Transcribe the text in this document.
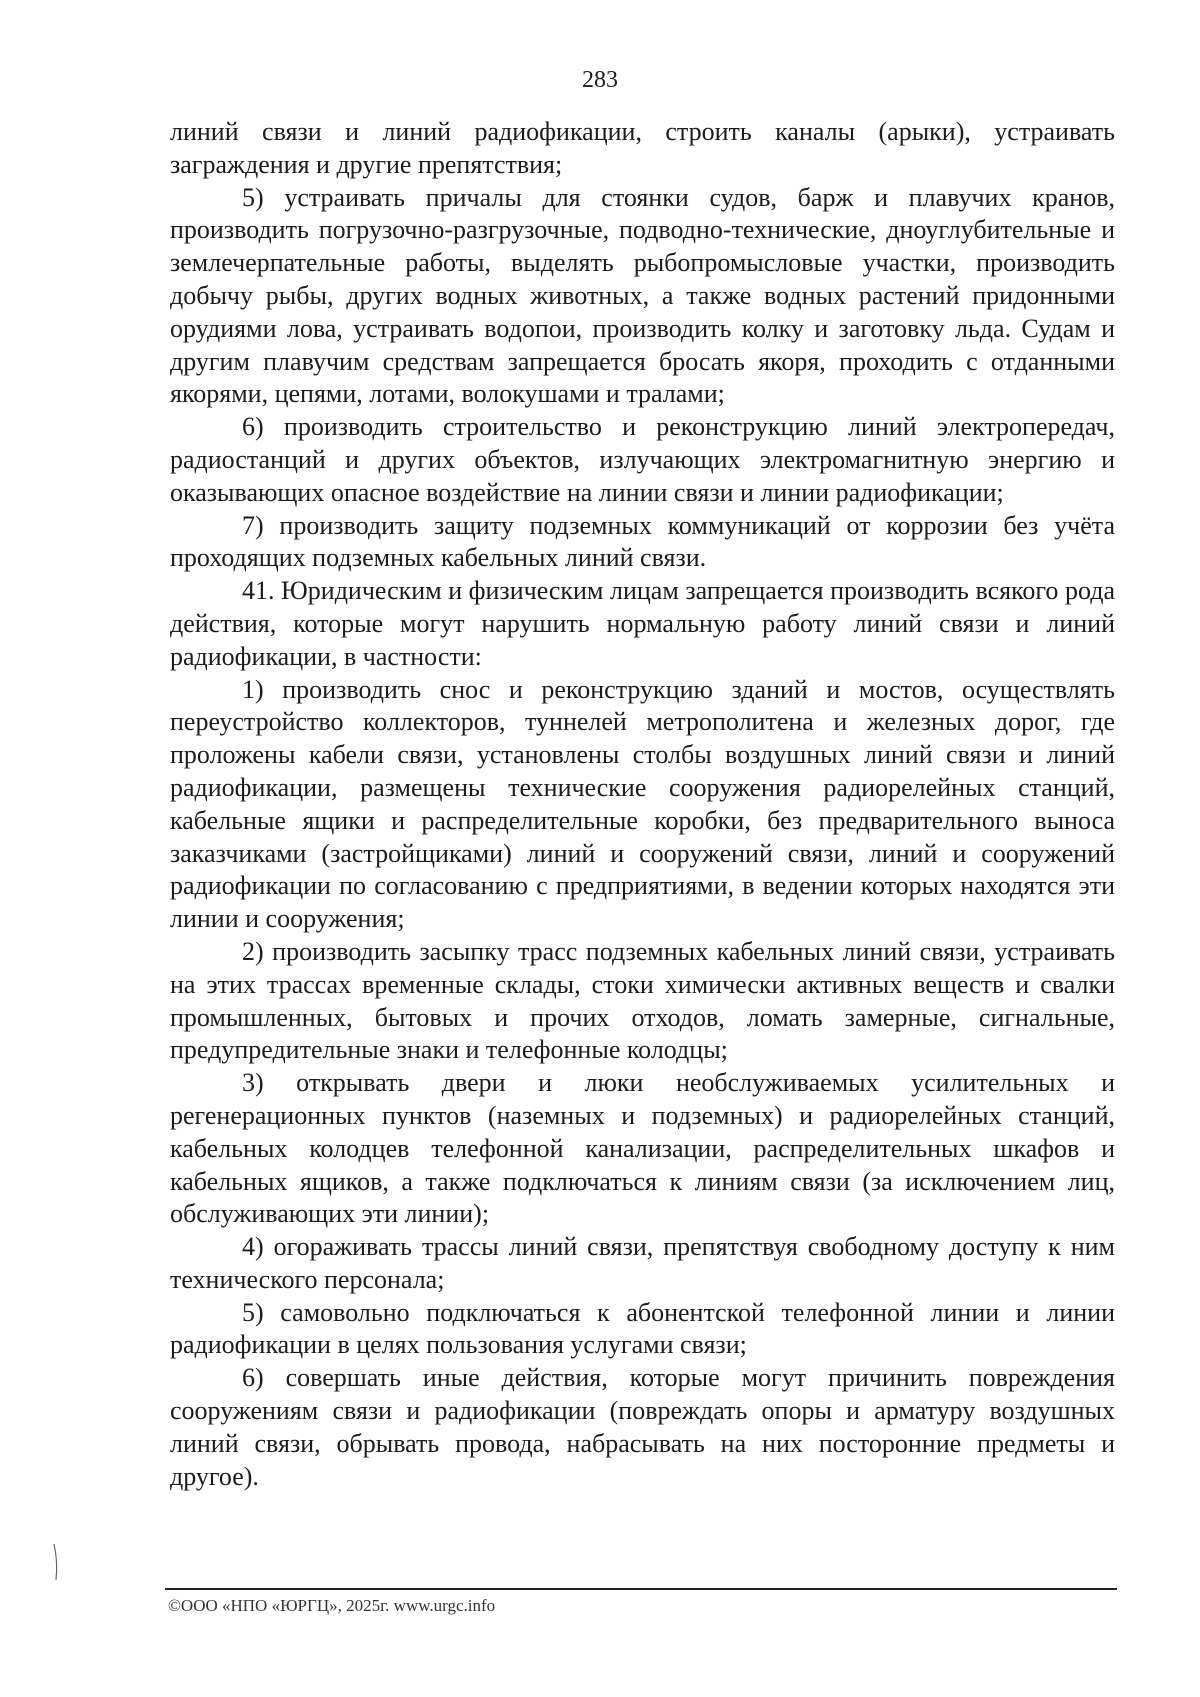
283

линий связи и линий радиофикации, строить каналы (арыки), устраивать заграждения и другие препятствия;

5) устраивать причалы для стоянки судов, барж и плавучих кранов, производить погрузочно-разгрузочные, подводно-технические, дноуглубительные и землечерпательные работы, выделять рыбопромысловые участки, производить добычу рыбы, других водных животных, а также водных растений придонными орудиями лова, устраивать водопои, производить колку и заготовку льда. Судам и другим плавучим средствам запрещается бросать якоря, проходить с отданными якорями, цепями, лотами, волокушами и тралами;

6) производить строительство и реконструкцию линий электропередач, радиостанций и других объектов, излучающих электромагнитную энергию и оказывающих опасное воздействие на линии связи и линии радиофикации;

7) производить защиту подземных коммуникаций от коррозии без учёта проходящих подземных кабельных линий связи.

41. Юридическим и физическим лицам запрещается производить всякого рода действия, которые могут нарушить нормальную работу линий связи и линий радиофикации, в частности:

1) производить снос и реконструкцию зданий и мостов, осуществлять переустройство коллекторов, туннелей метрополитена и железных дорог, где проложены кабели связи, установлены столбы воздушных линий связи и линий радиофикации, размещены технические сооружения радиорелейных станций, кабельные ящики и распределительные коробки, без предварительного выноса заказчиками (застройщиками) линий и сооружений связи, линий и сооружений радиофикации по согласованию с предприятиями, в ведении которых находятся эти линии и сооружения;

2) производить засыпку трасс подземных кабельных линий связи, устраивать на этих трассах временные склады, стоки химически активных веществ и свалки промышленных, бытовых и прочих отходов, ломать замерные, сигнальные, предупредительные знаки и телефонные колодцы;

3) открывать двери и люки необслуживаемых усилительных и регенерационных пунктов (наземных и подземных) и радиорелейных станций, кабельных колодцев телефонной канализации, распределительных шкафов и кабельных ящиков, а также подключаться к линиям связи (за исключением лиц, обслуживающих эти линии);

4) огораживать трассы линий связи, препятствуя свободному доступу к ним технического персонала;

5) самовольно подключаться к абонентской телефонной линии и линии радиофикации в целях пользования услугами связи;

6) совершать иные действия, которые могут причинить повреждения сооружениям связи и радиофикации (повреждать опоры и арматуру воздушных линий связи, обрывать провода, набрасывать на них посторонние предметы и другое).

©ООО «НПО «ЮРГЦ», 2025г. www.urgc.info
